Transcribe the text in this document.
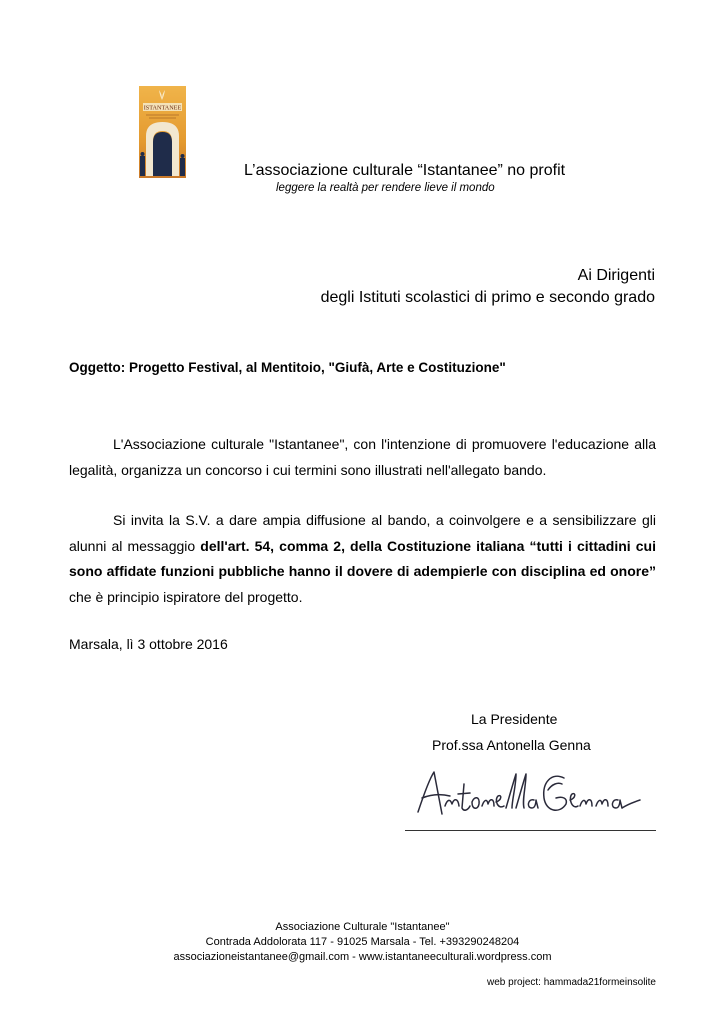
ISTANTANEE
L’associazione culturale “Istantanee” no profit
leggere la realtà per rendere lieve il mondo
Ai Dirigenti
degli Istituti scolastici di primo e secondo grado
Oggetto: Progetto Festival, al Mentitoio, "Giufà, Arte e Costituzione"
L'Associazione culturale "Istantanee", con l'intenzione di promuovere l'educazione alla legalità, organizza un concorso i cui termini sono illustrati nell'allegato bando.
Si invita la S.V. a dare ampia diffusione al bando, a coinvolgere e a sensibilizzare gli alunni al messaggio dell'art. 54, comma 2, della Costituzione italiana “tutti i cittadini cui sono affidate funzioni pubbliche hanno il dovere di adempierle con disciplina ed onore” che è principio ispiratore del progetto.
Marsala, lì 3 ottobre 2016
La Presidente
Prof.ssa Antonella Genna
Associazione Culturale "Istantanee"
Contrada Addolorata 117 - 91025 Marsala - Tel. +393290248204
associazioneistantanee@gmail.com - www.istantaneeculturali.wordpress.com
web project: hammada21formeinsolite
